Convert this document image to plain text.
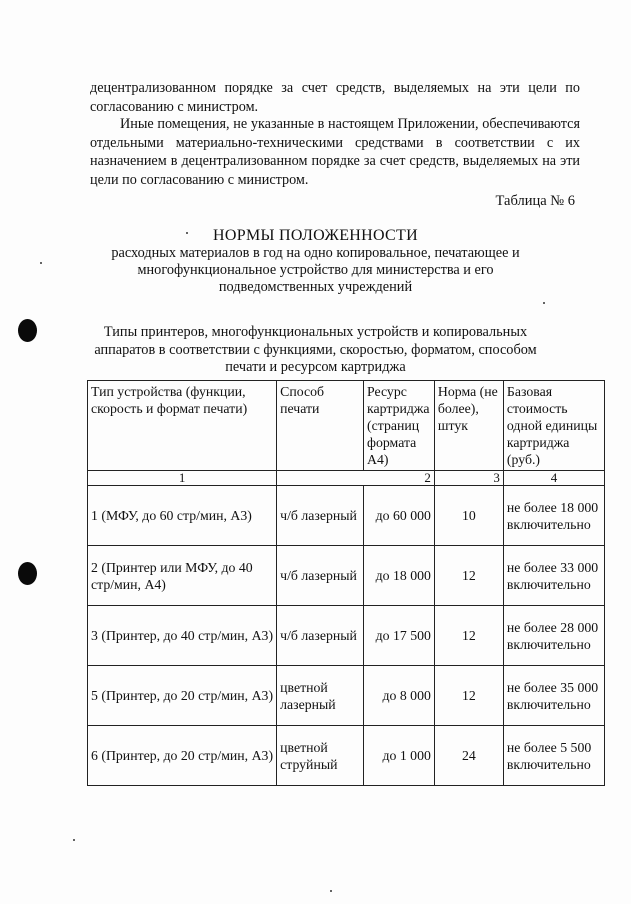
децентрализованном порядке за счет средств, выделяемых на эти цели по согласованию с министром.

Иные помещения, не указанные в настоящем Приложении, обеспечиваются отдельными материально-техническими средствами в соответствии с их назначением в децентрализованном порядке за счет средств, выделяемых на эти цели по согласованию с министром.

Таблица № 6

НОРМЫ ПОЛОЖЕННОСТИ

расходных материалов в год на одно копировальное, печатающее и многофункциональное устройство для министерства и его подведомственных учреждений

Типы принтеров, многофункциональных устройств и копировальных аппаратов в соответствии с функциями, скоростью, форматом, способом печати и ресурсом картриджа

Тип устройства (функции, скорость и формат печати)	Способ печати	Ресурс картриджа (страниц формата А4)	Норма (не более), штук	Базовая стоимость одной единицы картриджа (руб.)
1	2		3	4
1 (МФУ, до 60 стр/мин, А3)	ч/б лазерный	до 60 000	10	не более 18 000 включительно
2 (Принтер или МФУ, до 40 стр/мин, А4)	ч/б лазерный	до 18 000	12	не более 33 000 включительно
3 (Принтер, до 40 стр/мин, А3)	ч/б лазерный	до 17 500	12	не более 28 000 включительно
5 (Принтер, до 20 стр/мин, А3)	цветной лазерный	до 8 000	12	не более 35 000 включительно
6 (Принтер, до 20 стр/мин, А3)	цветной струйный	до 1 000	24	не более 5 500 включительно
